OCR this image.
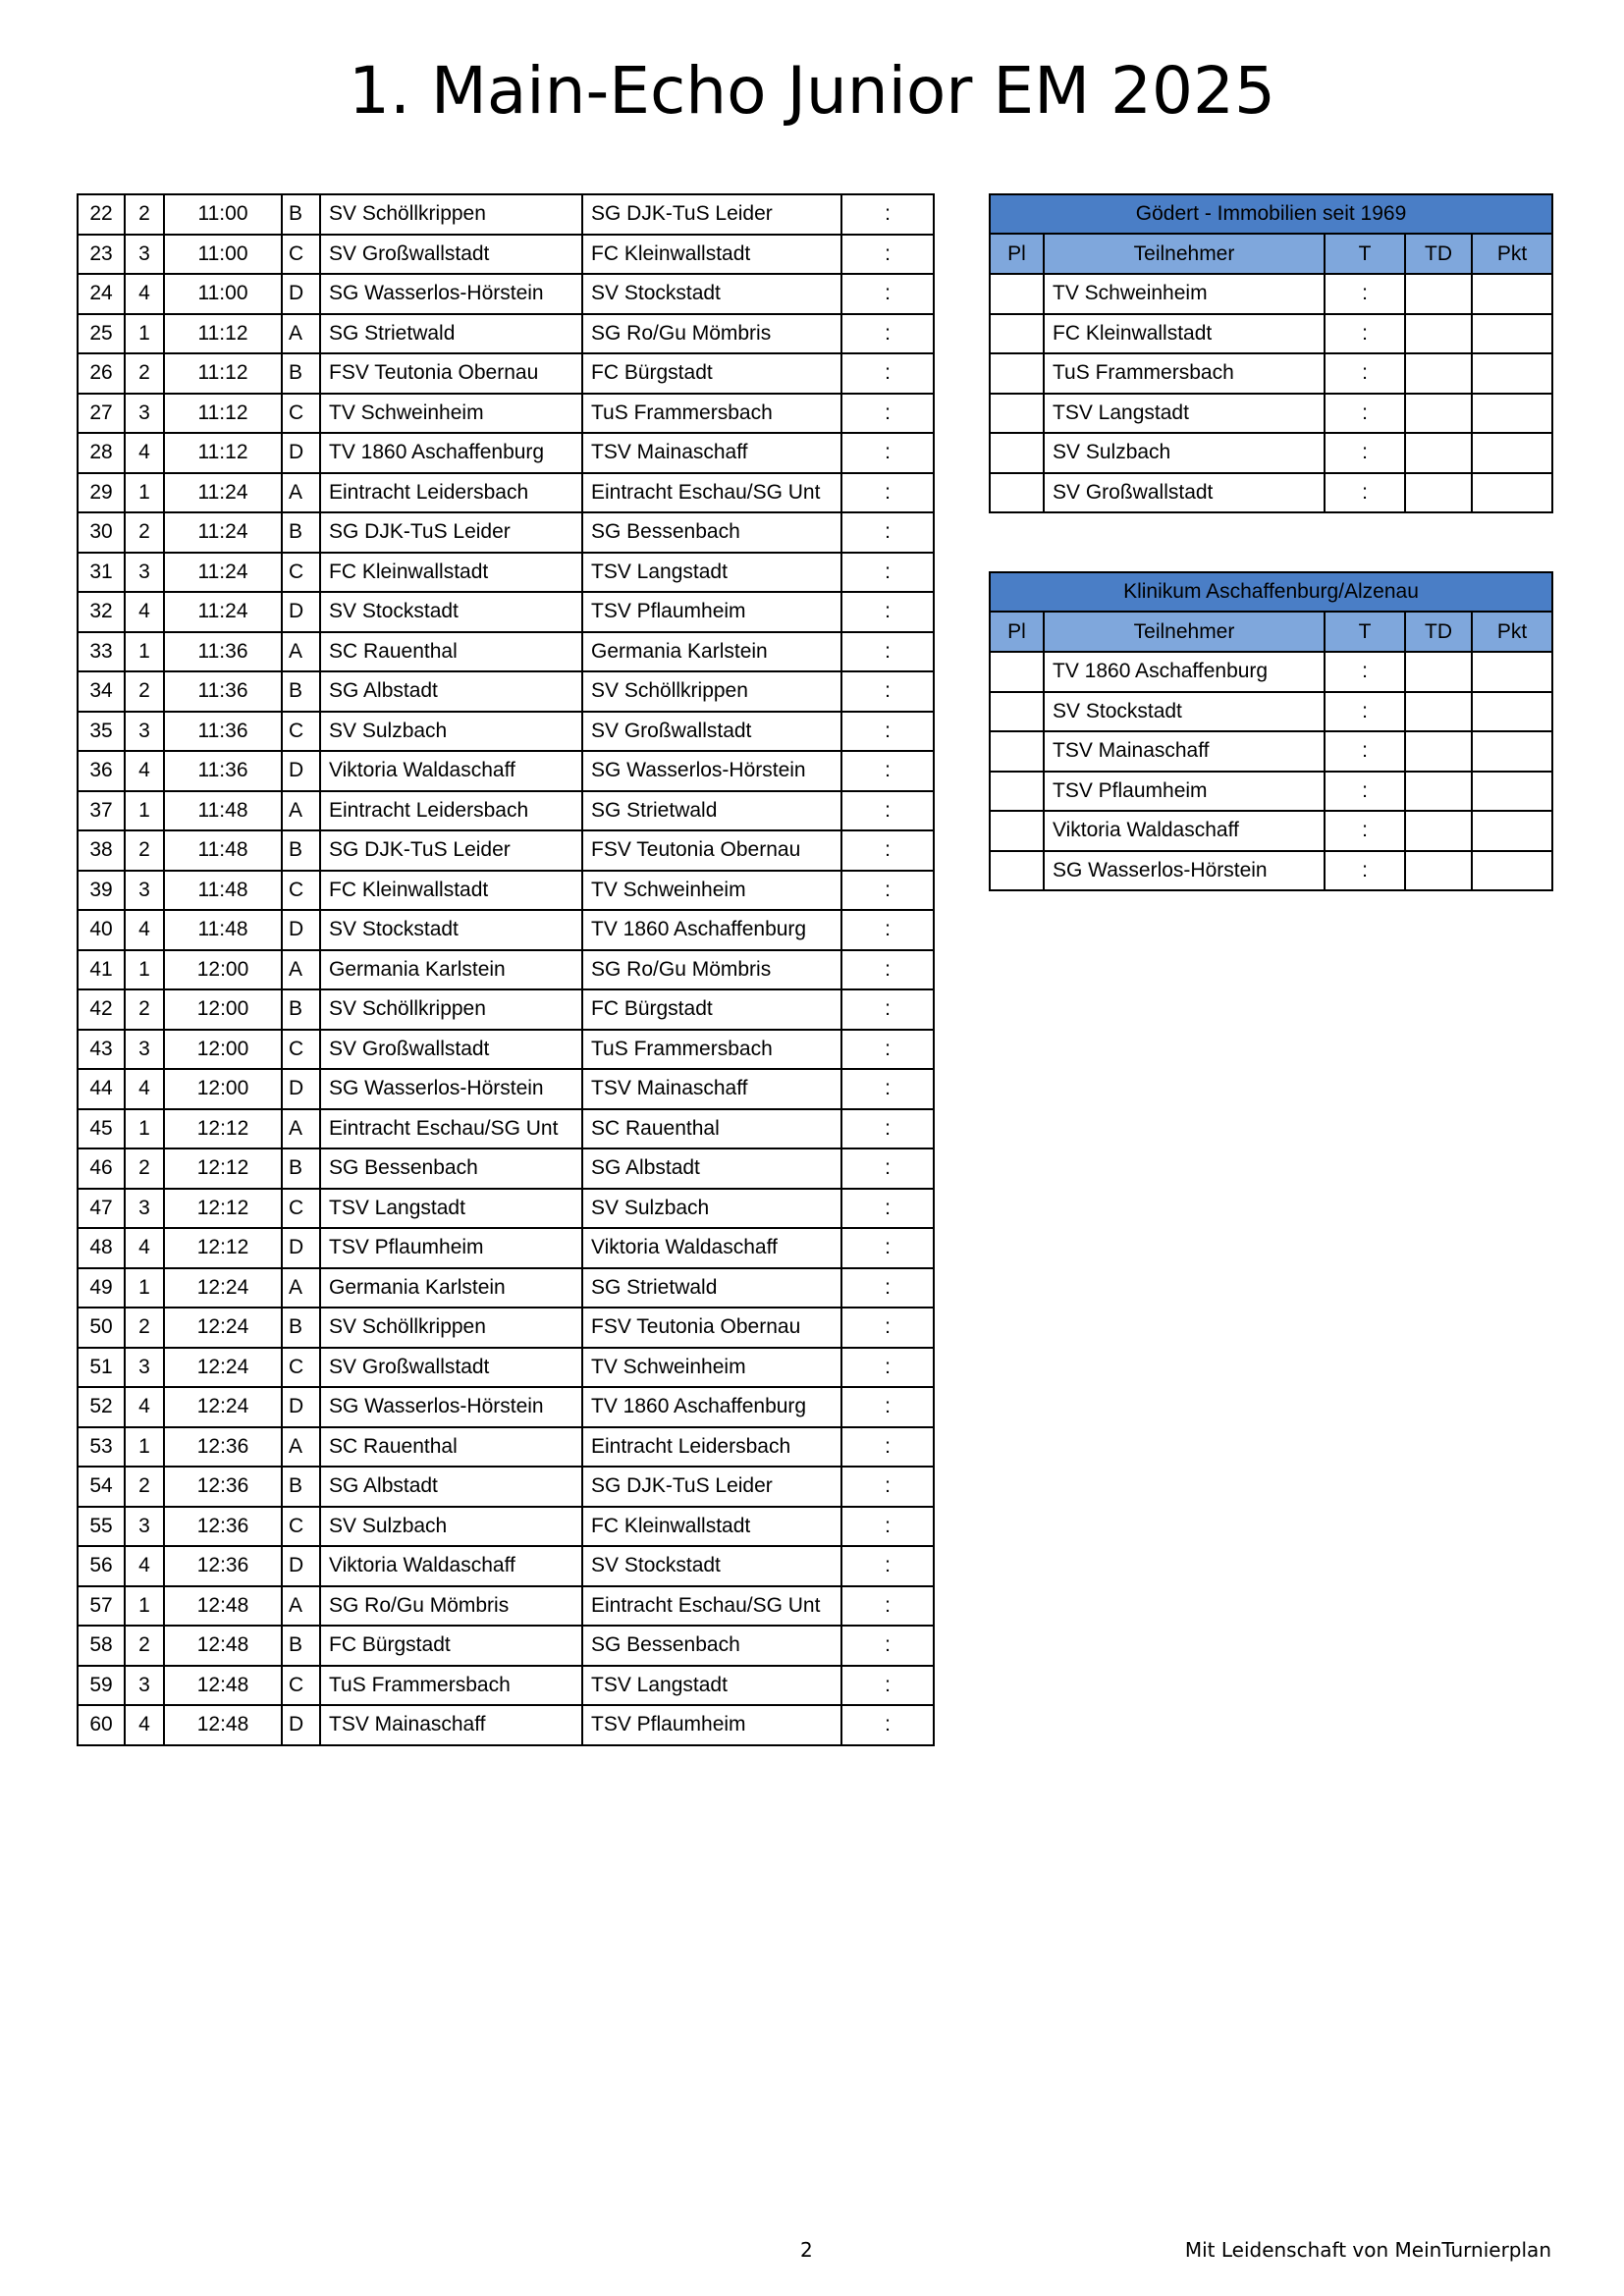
1. Main-Echo Junior EM 2025
22	2	11:00	B	SV Schöllkrippen	SG DJK-TuS Leider	:
23	3	11:00	C	SV Großwallstadt	FC Kleinwallstadt	:
24	4	11:00	D	SG Wasserlos-Hörstein	SV Stockstadt	:
25	1	11:12	A	SG Strietwald	SG Ro/Gu Mömbris	:
26	2	11:12	B	FSV Teutonia Obernau	FC Bürgstadt	:
27	3	11:12	C	TV Schweinheim	TuS Frammersbach	:
28	4	11:12	D	TV 1860 Aschaffenburg	TSV Mainaschaff	:
29	1	11:24	A	Eintracht Leidersbach	Eintracht Eschau/SG Unt	:
30	2	11:24	B	SG DJK-TuS Leider	SG Bessenbach	:
31	3	11:24	C	FC Kleinwallstadt	TSV Langstadt	:
32	4	11:24	D	SV Stockstadt	TSV Pflaumheim	:
33	1	11:36	A	SC Rauenthal	Germania Karlstein	:
34	2	11:36	B	SG Albstadt	SV Schöllkrippen	:
35	3	11:36	C	SV Sulzbach	SV Großwallstadt	:
36	4	11:36	D	Viktoria Waldaschaff	SG Wasserlos-Hörstein	:
37	1	11:48	A	Eintracht Leidersbach	SG Strietwald	:
38	2	11:48	B	SG DJK-TuS Leider	FSV Teutonia Obernau	:
39	3	11:48	C	FC Kleinwallstadt	TV Schweinheim	:
40	4	11:48	D	SV Stockstadt	TV 1860 Aschaffenburg	:
41	1	12:00	A	Germania Karlstein	SG Ro/Gu Mömbris	:
42	2	12:00	B	SV Schöllkrippen	FC Bürgstadt	:
43	3	12:00	C	SV Großwallstadt	TuS Frammersbach	:
44	4	12:00	D	SG Wasserlos-Hörstein	TSV Mainaschaff	:
45	1	12:12	A	Eintracht Eschau/SG Unt	SC Rauenthal	:
46	2	12:12	B	SG Bessenbach	SG Albstadt	:
47	3	12:12	C	TSV Langstadt	SV Sulzbach	:
48	4	12:12	D	TSV Pflaumheim	Viktoria Waldaschaff	:
49	1	12:24	A	Germania Karlstein	SG Strietwald	:
50	2	12:24	B	SV Schöllkrippen	FSV Teutonia Obernau	:
51	3	12:24	C	SV Großwallstadt	TV Schweinheim	:
52	4	12:24	D	SG Wasserlos-Hörstein	TV 1860 Aschaffenburg	:
53	1	12:36	A	SC Rauenthal	Eintracht Leidersbach	:
54	2	12:36	B	SG Albstadt	SG DJK-TuS Leider	:
55	3	12:36	C	SV Sulzbach	FC Kleinwallstadt	:
56	4	12:36	D	Viktoria Waldaschaff	SV Stockstadt	:
57	1	12:48	A	SG Ro/Gu Mömbris	Eintracht Eschau/SG Unt	:
58	2	12:48	B	FC Bürgstadt	SG Bessenbach	:
59	3	12:48	C	TuS Frammersbach	TSV Langstadt	:
60	4	12:48	D	TSV Mainaschaff	TSV Pflaumheim	:
Gödert - Immobilien seit 1969				
Pl	Teilnehmer	T	TD	Pkt
	TV Schweinheim	:		
	FC Kleinwallstadt	:		
	TuS Frammersbach	:		
	TSV Langstadt	:		
	SV Sulzbach	:		
	SV Großwallstadt	:		
Klinikum Aschaffenburg/Alzenau				
Pl	Teilnehmer	T	TD	Pkt
	TV 1860 Aschaffenburg	:		
	SV Stockstadt	:		
	TSV Mainaschaff	:		
	TSV Pflaumheim	:		
	Viktoria Waldaschaff	:		
	SG Wasserlos-Hörstein	:		
2	Mit Leidenschaft von MeinTurnierplan
